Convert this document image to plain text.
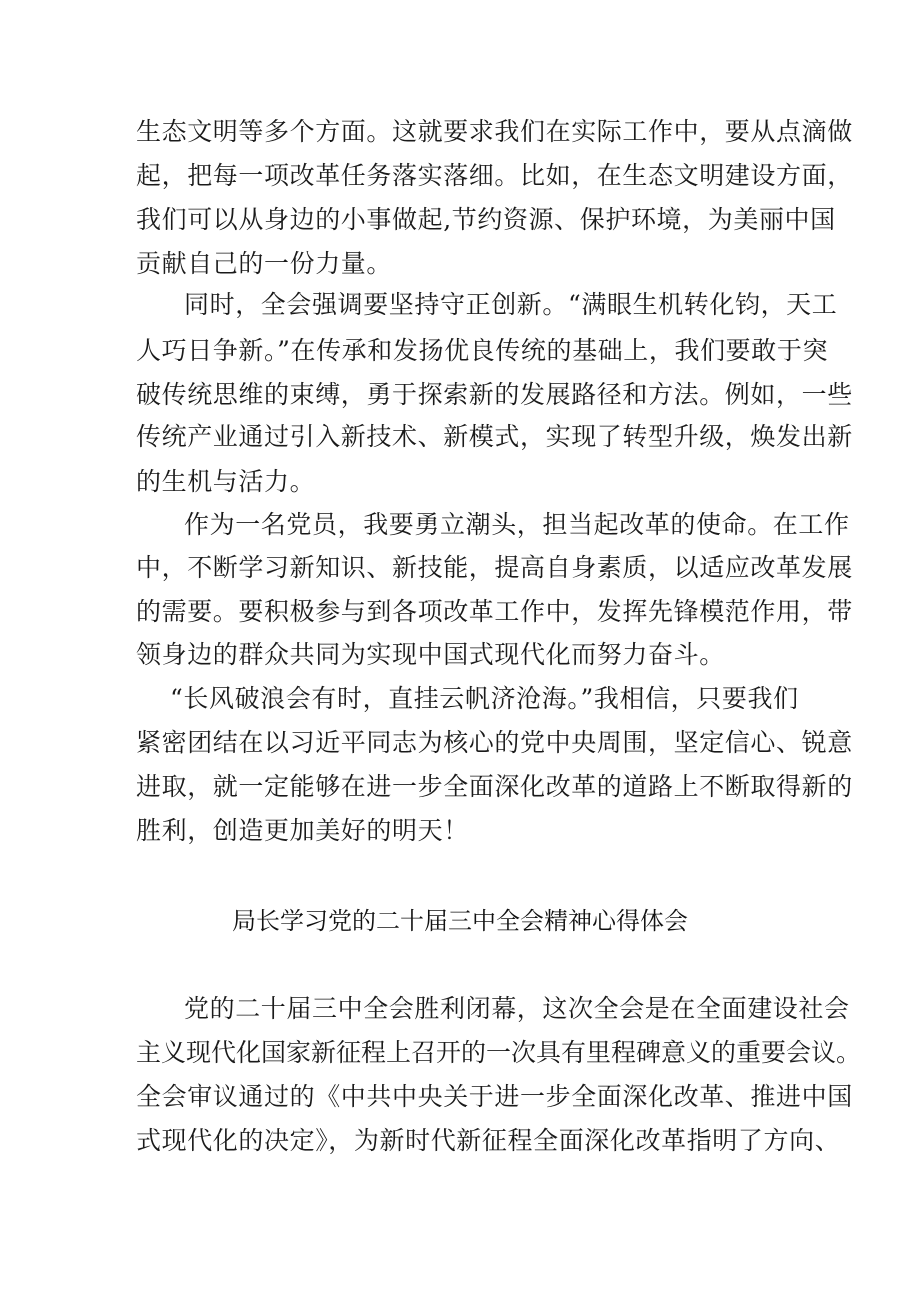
生态文明等多个方面。这就要求我们在实际工作中，要从点滴做
起，把每一项改革任务落实落细。比如，在生态文明建设方面，
我们可以从身边的小事做起,节约资源、保护环境，为美丽中国
贡献自己的一份力量。
同时，全会强调要坚持守正创新。“满眼生机转化钧，天工
人巧日争新。”在传承和发扬优良传统的基础上，我们要敢于突
破传统思维的束缚，勇于探索新的发展路径和方法。例如，一些
传统产业通过引入新技术、新模式，实现了转型升级，焕发出新
的生机与活力。
作为一名党员，我要勇立潮头，担当起改革的使命。在工作
中，不断学习新知识、新技能，提高自身素质，以适应改革发展
的需要。要积极参与到各项改革工作中，发挥先锋模范作用，带
领身边的群众共同为实现中国式现代化而努力奋斗。
“长风破浪会有时，直挂云帆济沧海。”我相信，只要我们
紧密团结在以习近平同志为核心的党中央周围，坚定信心、锐意
进取，就一定能够在进一步全面深化改革的道路上不断取得新的
胜利，创造更加美好的明天！
局长学习党的二十届三中全会精神心得体会
党的二十届三中全会胜利闭幕，这次全会是在全面建设社会
主义现代化国家新征程上召开的一次具有里程碑意义的重要会议。
全会审议通过的《中共中央关于进一步全面深化改革、推进中国
式现代化的决定》，为新时代新征程全面深化改革指明了方向、
